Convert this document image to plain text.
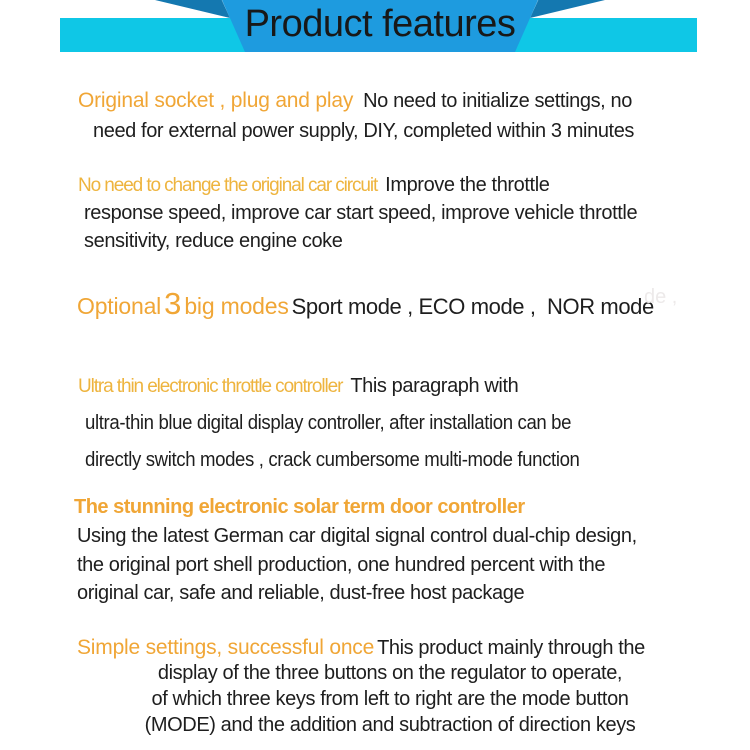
Product features
Original socket , plug and play No need to initialize settings, no
need for external power supply, DIY, completed within 3 minutes
No need to change the original car circuit Improve the throttle
response speed, improve car start speed, improve vehicle throttle
sensitivity, reduce engine coke
Optional3 big modes Sport mode , ECO mode ,  NOR mode
de ,
Ultra thin electronic throttle controller This paragraph with
ultra-thin blue digital display controller, after installation can be
directly switch modes , crack cumbersome multi-mode function
The stunning electronic solar term door controller
Using the latest German car digital signal control dual-chip design,
the original port shell production, one hundred percent with the
original car, safe and reliable, dust-free host package
Simple settings, successful once This product mainly through the
display of the three buttons on the regulator to operate,
of which three keys from left to right are the mode button
(MODE) and the addition and subtraction of direction keys
